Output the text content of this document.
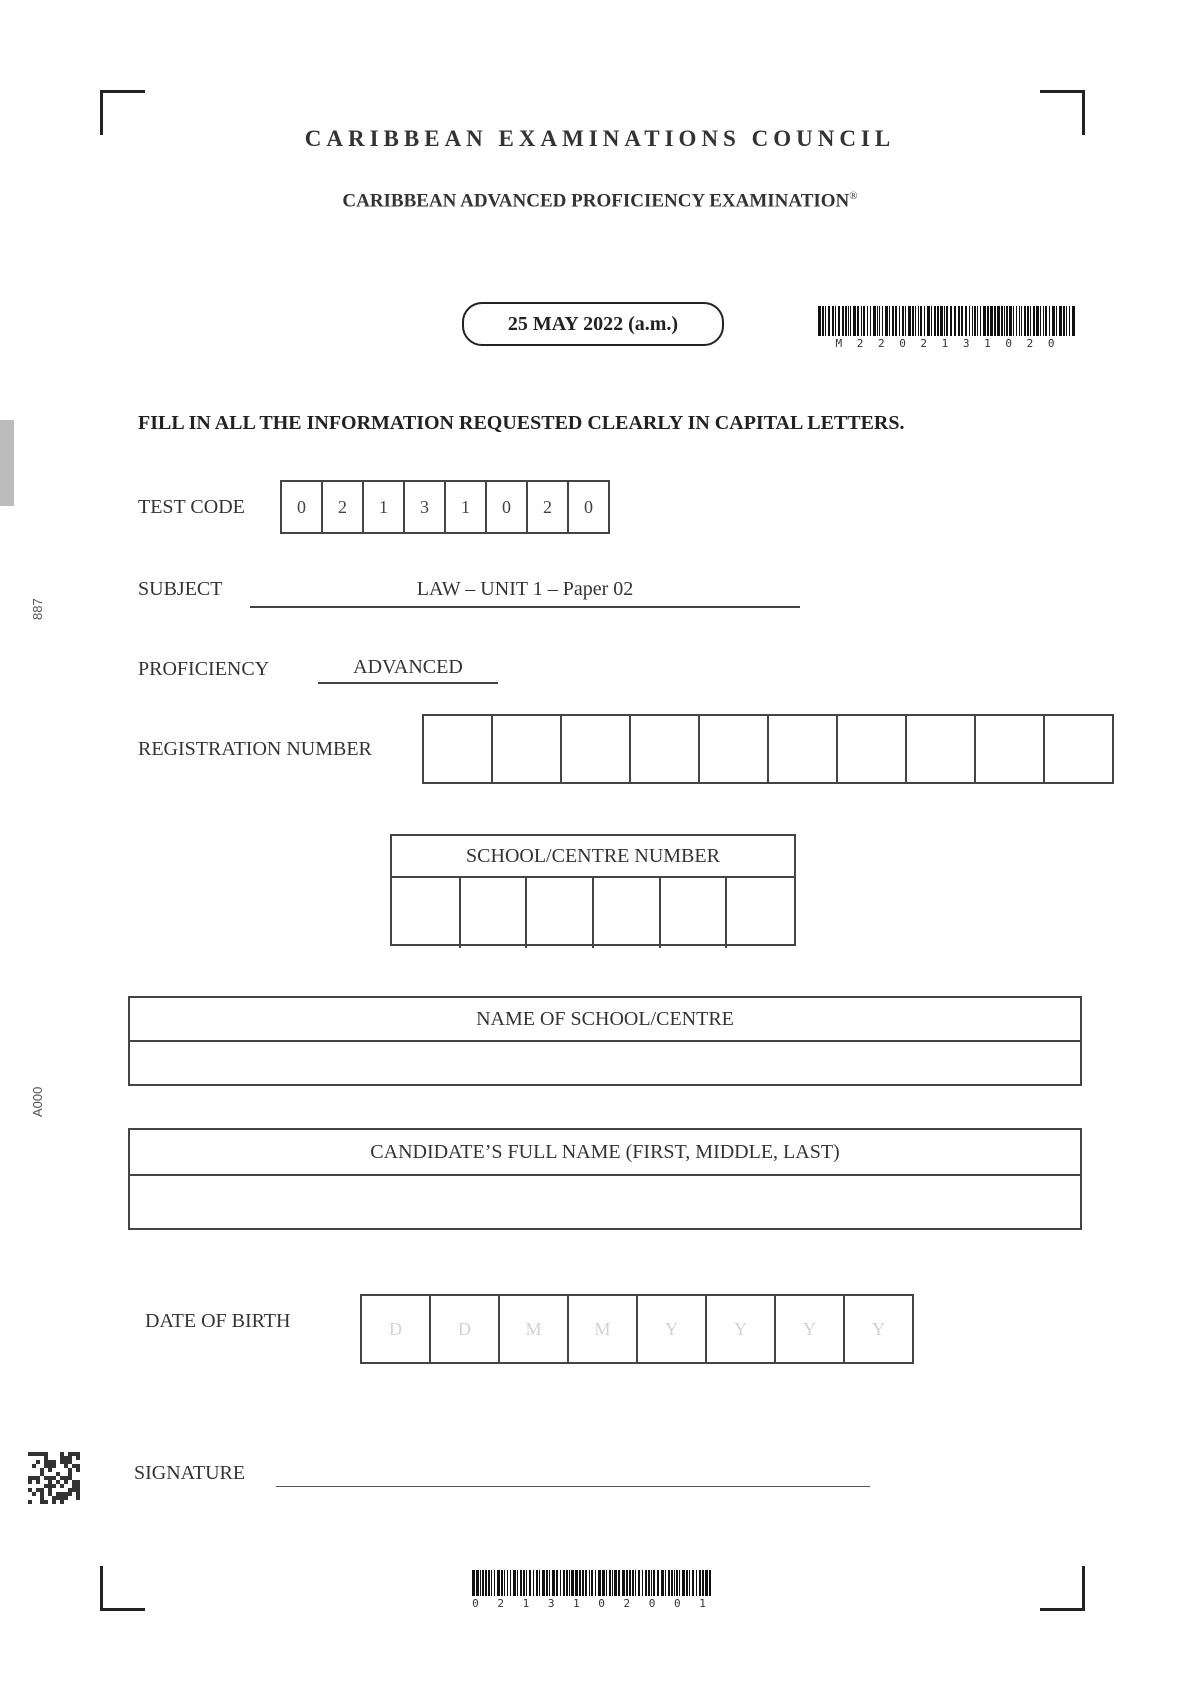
887
A000
CARIBBEAN EXAMINATIONS COUNCIL
CARIBBEAN ADVANCED PROFICIENCY EXAMINATION®
25 MAY 2022 (a.m.)
M 2 2 0 2 1 3 1 0 2 0
FILL IN ALL THE INFORMATION REQUESTED CLEARLY IN CAPITAL LETTERS.
TEST CODE	0	2	1	3	1	0	2	0
SUBJECT	LAW – UNIT 1 – Paper 02
PROFICIENCY	ADVANCED
REGISTRATION NUMBER
SCHOOL/CENTRE NUMBER
NAME OF SCHOOL/CENTRE
CANDIDATE’S FULL NAME (FIRST, MIDDLE, LAST)
DATE OF BIRTH	D	D	M	M	Y	Y	Y	Y
SIGNATURE
0 2 1 3 1 0 2 0 0 1
